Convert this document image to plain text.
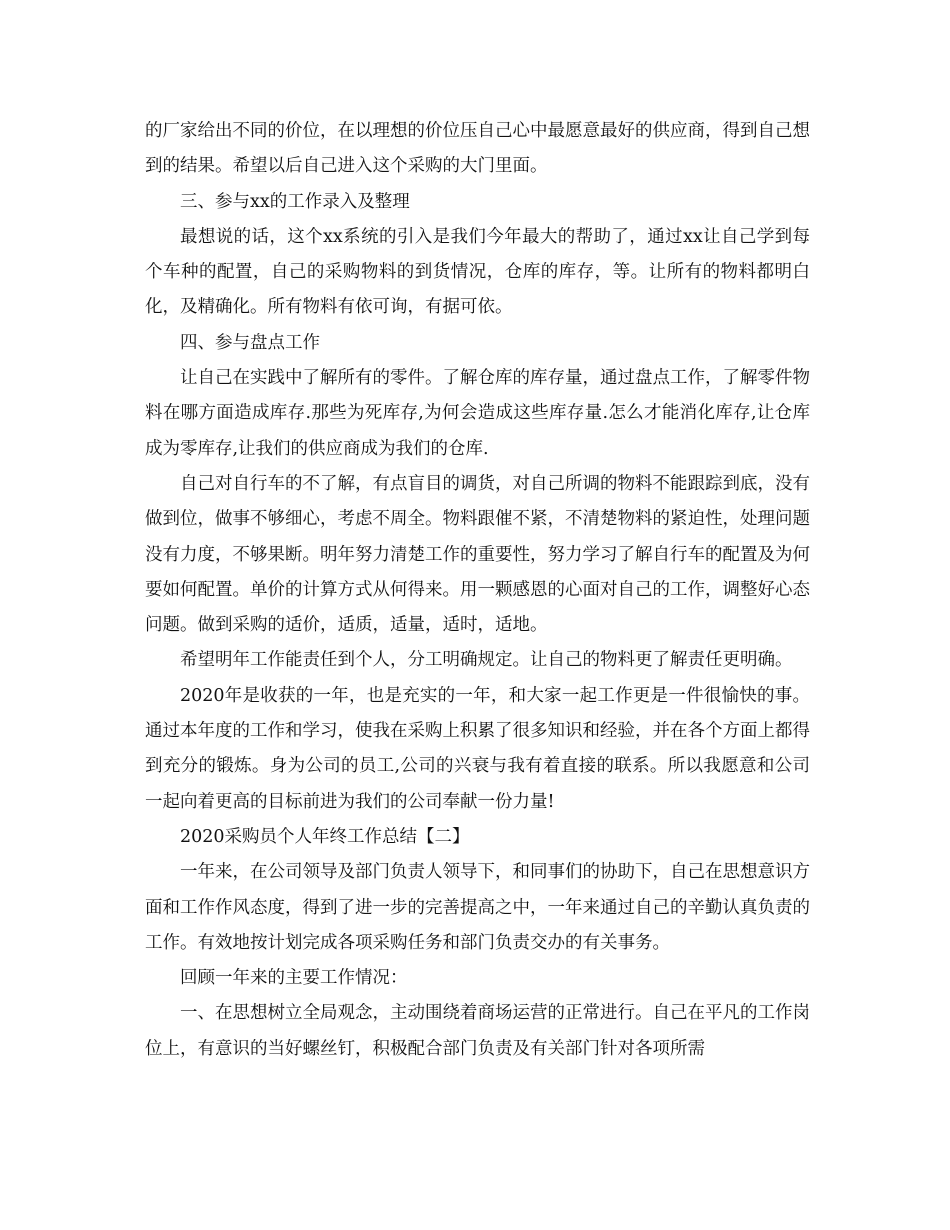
的厂家给出不同的价位，在以理想的价位压自己心中最愿意最好的供应商，得到自己想到的结果。希望以后自己进入这个采购的大门里面。

三、参与xx的工作录入及整理

最想说的话，这个xx系统的引入是我们今年最大的帮助了，通过xx让自己学到每个车种的配置，自己的采购物料的到货情况，仓库的库存，等。让所有的物料都明白化，及精确化。所有物料有依可询，有据可依。

四、参与盘点工作

让自己在实践中了解所有的零件。了解仓库的库存量，通过盘点工作，了解零件物料在哪方面造成库存.那些为死库存,为何会造成这些库存量.怎么才能消化库存,让仓库成为零库存,让我们的供应商成为我们的仓库.

自己对自行车的不了解，有点盲目的调货，对自己所调的物料不能跟踪到底，没有做到位，做事不够细心，考虑不周全。物料跟催不紧，不清楚物料的紧迫性，处理问题没有力度，不够果断。明年努力清楚工作的重要性，努力学习了解自行车的配置及为何要如何配置。单价的计算方式从何得来。用一颗感恩的心面对自己的工作，调整好心态问题。做到采购的适价，适质，适量，适时，适地。

希望明年工作能责任到个人，分工明确规定。让自己的物料更了解责任更明确。

2020年是收获的一年，也是充实的一年，和大家一起工作更是一件很愉快的事。通过本年度的工作和学习，使我在采购上积累了很多知识和经验，并在各个方面上都得到充分的锻炼。身为公司的员工,公司的兴衰与我有着直接的联系。所以我愿意和公司一起向着更高的目标前进为我们的公司奉献一份力量!

2020采购员个人年终工作总结【二】

一年来，在公司领导及部门负责人领导下，和同事们的协助下，自己在思想意识方面和工作作风态度，得到了进一步的完善提高之中，一年来通过自己的辛勤认真负责的工作。有效地按计划完成各项采购任务和部门负责交办的有关事务。

回顾一年来的主要工作情况：

一、在思想树立全局观念，主动围绕着商场运营的正常进行。自己在平凡的工作岗位上，有意识的当好螺丝钉，积极配合部门负责及有关部门针对各项所需
